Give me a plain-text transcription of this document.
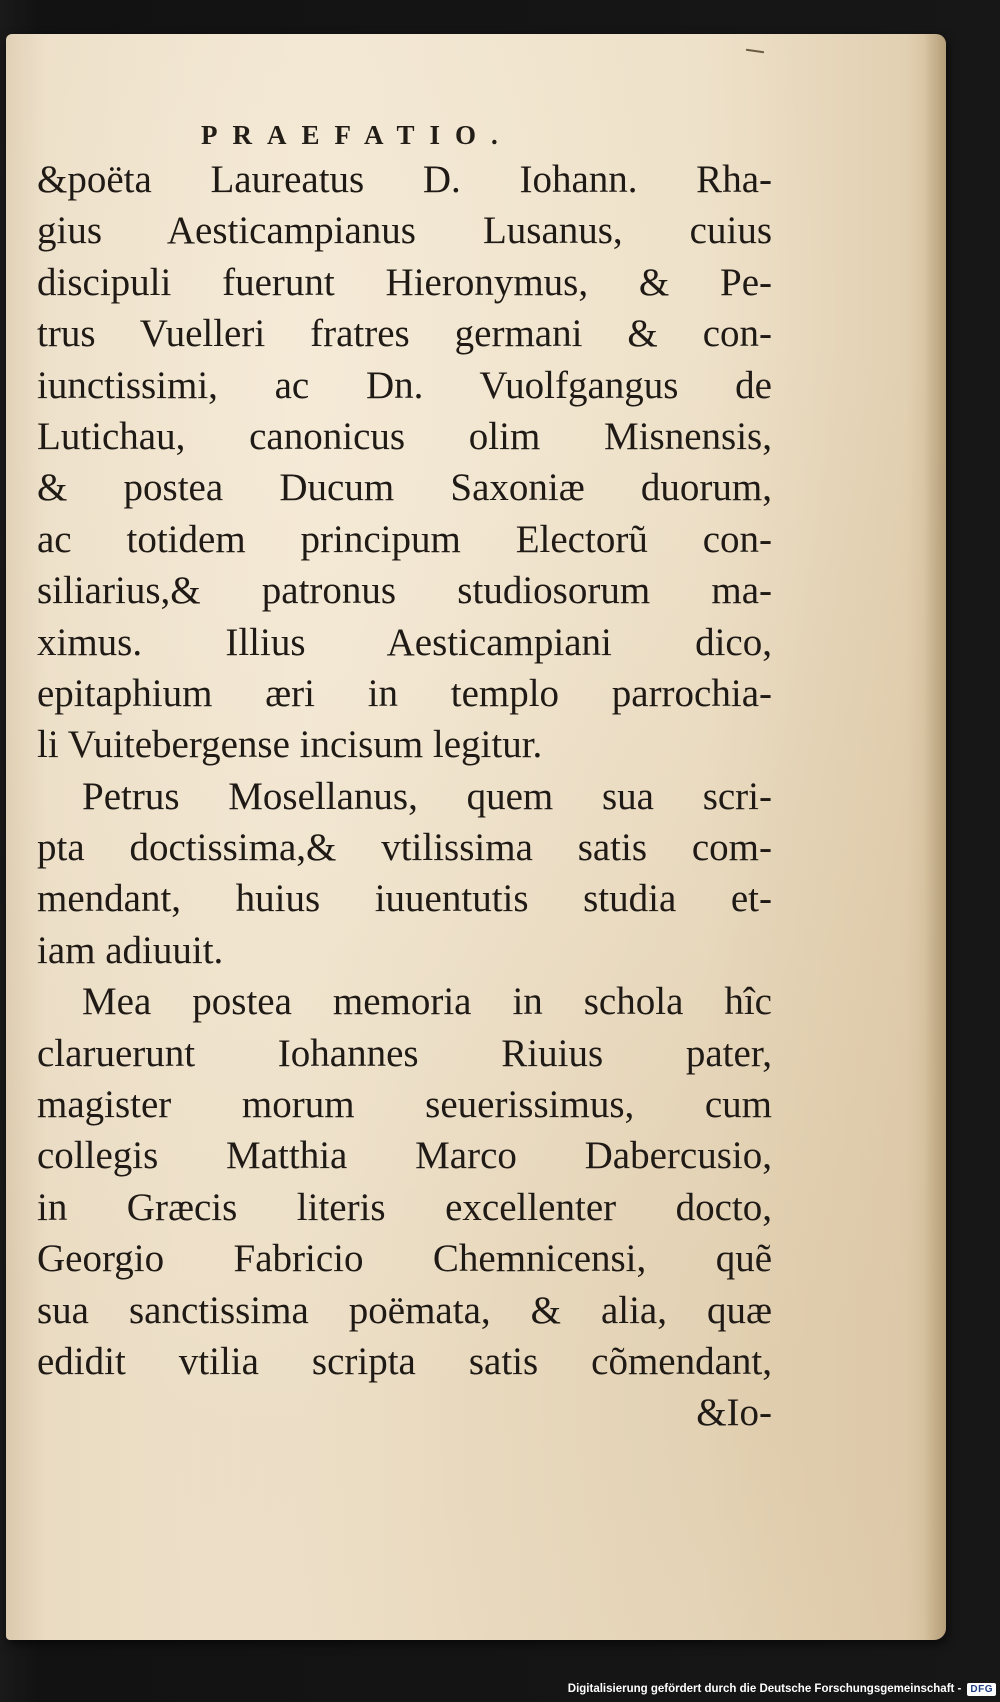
PRAEFATIO.
&poëta Laureatus D. Iohann. Rha-
gius Aesticampianus Lusanus, cuius
discipuli fuerunt Hieronymus, & Pe-
trus Vuelleri fratres germani & con-
iunctissimi, ac Dn. Vuolfgangus de
Lutichau, canonicus olim Misnensis,
& postea Ducum Saxoniæ duorum,
ac totidem principum Electorũ con-
siliarius,& patronus studiosorum ma-
ximus. Illius Aesticampiani dico,
epitaphium æri in templo parrochia-
li Vuitebergense incisum legitur.
Petrus Mosellanus, quem sua scri-
pta doctissima,& vtilissima satis com-
mendant, huius iuuentutis studia et-
iam adiuuit.
Mea postea memoria in schola hîc
claruerunt Iohannes Riuius pater,
magister morum seuerissimus, cum
collegis Matthia Marco Dabercusio,
in Græcis literis excellenter docto,
Georgio Fabricio Chemnicensi, quẽ
sua sanctissima poëmata, & alia, quæ
edidit vtilia scripta satis cõmendant,
&Io-
Digitalisierung gefördert durch die Deutsche Forschungsgemeinschaft - DFG
